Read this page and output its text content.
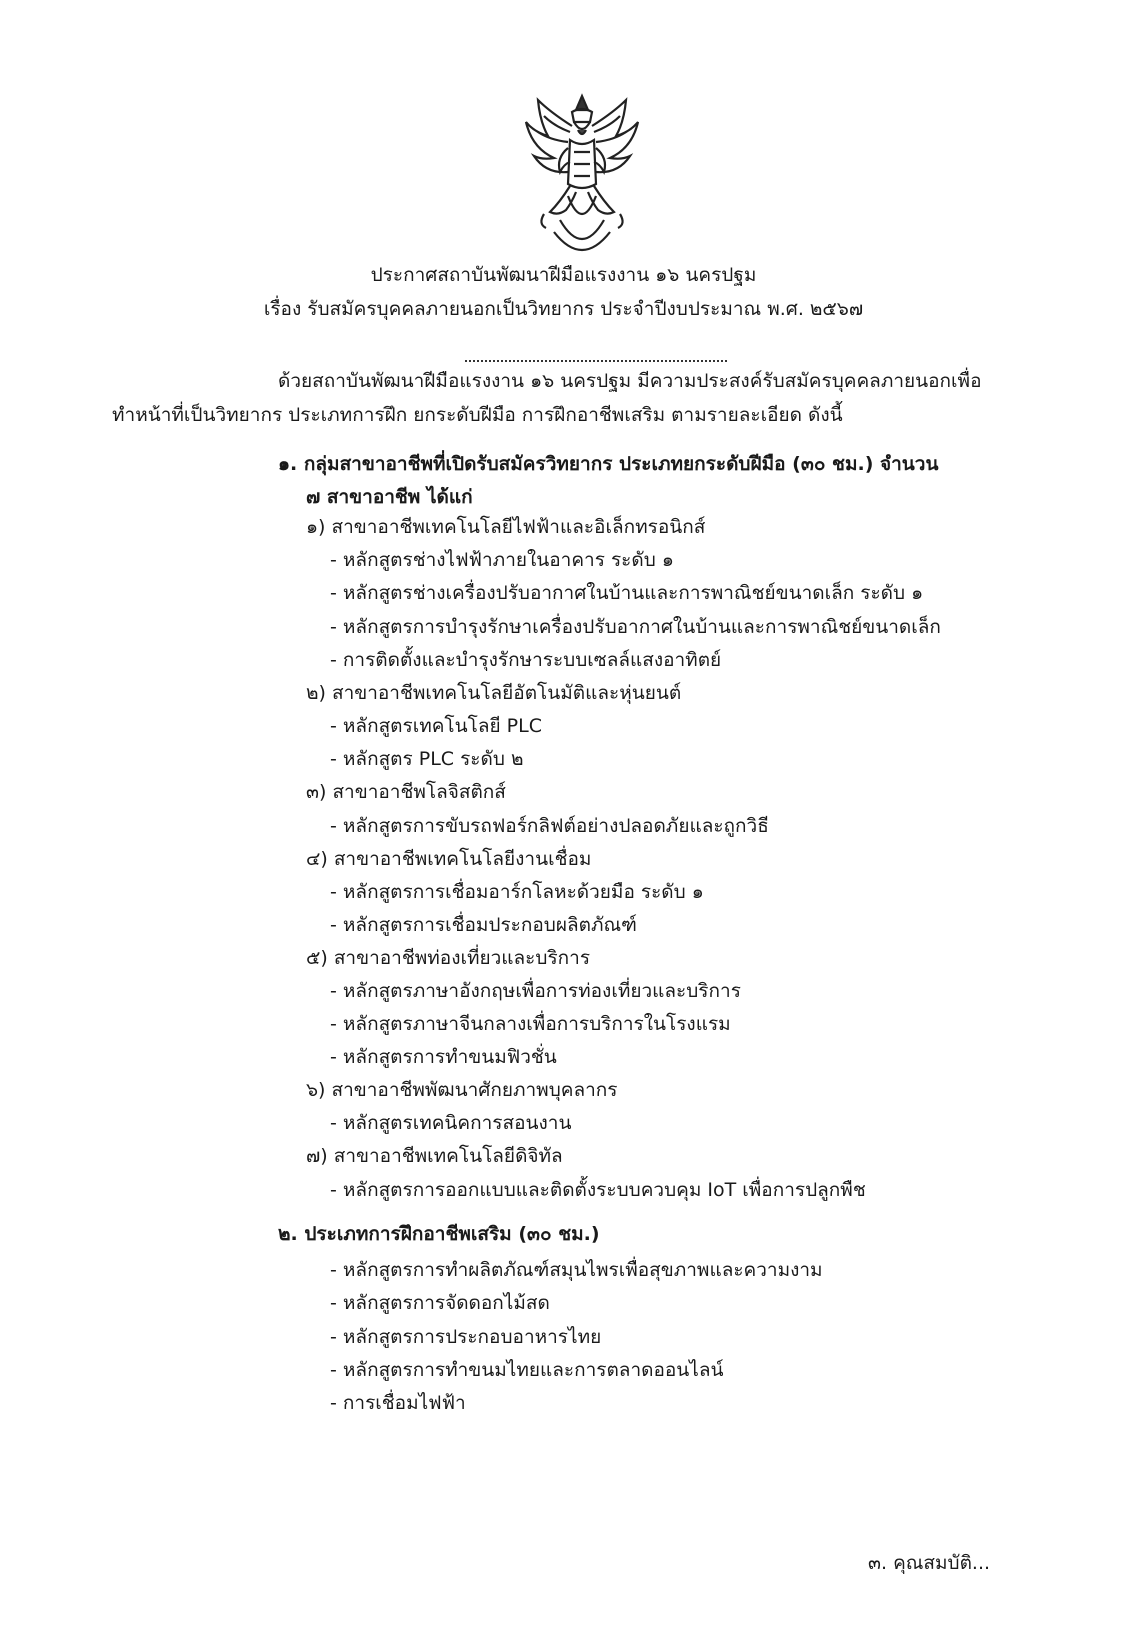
ประกาศสถาบันพัฒนาฝีมือแรงงาน ๑๖ นครปฐม
เรื่อง รับสมัครบุคคลภายนอกเป็นวิทยากร ประจำปีงบประมาณ พ.ศ. ๒๕๖๗
ด้วยสถาบันพัฒนาฝีมือแรงงาน ๑๖ นครปฐม มีความประสงค์รับสมัครบุคคลภายนอกเพื่อ
ทำหน้าที่เป็นวิทยากร ประเภทการฝึก ยกระดับฝีมือ การฝึกอาชีพเสริม ตามรายละเอียด ดังนี้
๑. กลุ่มสาขาอาชีพที่เปิดรับสมัครวิทยากร ประเภทยกระดับฝีมือ (๓๐ ชม.) จำนวน
๗ สาขาอาชีพ ได้แก่
๑) สาขาอาชีพเทคโนโลยีไฟฟ้าและอิเล็กทรอนิกส์
- หลักสูตรช่างไฟฟ้าภายในอาคาร ระดับ ๑
- หลักสูตรช่างเครื่องปรับอากาศในบ้านและการพาณิชย์ขนาดเล็ก ระดับ ๑
- หลักสูตรการบำรุงรักษาเครื่องปรับอากาศในบ้านและการพาณิชย์ขนาดเล็ก
- การติดตั้งและบำรุงรักษาระบบเซลล์แสงอาทิตย์
๒) สาขาอาชีพเทคโนโลยีอัตโนมัติและหุ่นยนต์
- หลักสูตรเทคโนโลยี PLC
- หลักสูตร PLC ระดับ ๒
๓) สาขาอาชีพโลจิสติกส์
- หลักสูตรการขับรถฟอร์กลิฟต์อย่างปลอดภัยและถูกวิธี
๔) สาขาอาชีพเทคโนโลยีงานเชื่อม
- หลักสูตรการเชื่อมอาร์กโลหะด้วยมือ ระดับ ๑
- หลักสูตรการเชื่อมประกอบผลิตภัณฑ์
๕) สาขาอาชีพท่องเที่ยวและบริการ
- หลักสูตรภาษาอังกฤษเพื่อการท่องเที่ยวและบริการ
- หลักสูตรภาษาจีนกลางเพื่อการบริการในโรงแรม
- หลักสูตรการทำขนมฟิวชั่น
๖) สาขาอาชีพพัฒนาศักยภาพบุคลากร
- หลักสูตรเทคนิคการสอนงาน
๗) สาขาอาชีพเทคโนโลยีดิจิทัล
- หลักสูตรการออกแบบและติดตั้งระบบควบคุม IoT เพื่อการปลูกพืช
๒. ประเภทการฝึกอาชีพเสริม (๓๐ ชม.)
- หลักสูตรการทำผลิตภัณฑ์สมุนไพรเพื่อสุขภาพและความงาม
- หลักสูตรการจัดดอกไม้สด
- หลักสูตรการประกอบอาหารไทย
- หลักสูตรการทำขนมไทยและการตลาดออนไลน์
- การเชื่อมไฟฟ้า
๓. คุณสมบัติ...
